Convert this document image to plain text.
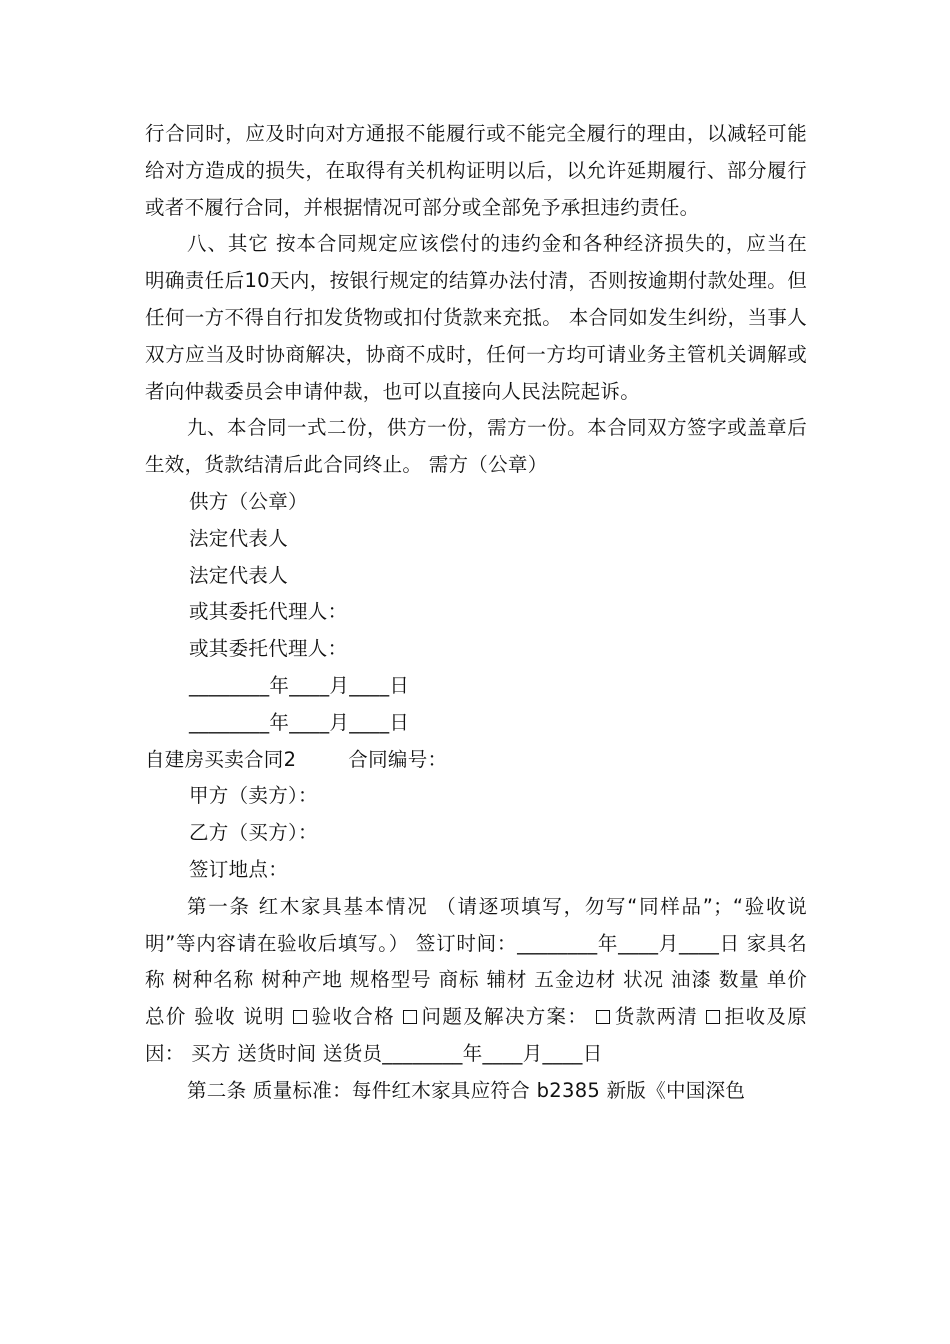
行合同时，应及时向对方通报不能履行或不能完全履行的理由，以减轻可能给对方造成的损失，在取得有关机构证明以后，以允许延期履行、部分履行或者不履行合同，并根据情况可部分或全部免予承担违约责任。

八、其它 按本合同规定应该偿付的违约金和各种经济损失的，应当在明确责任后10天内，按银行规定的结算办法付清，否则按逾期付款处理。但任何一方不得自行扣发货物或扣付货款来充抵。 本合同如发生纠纷，当事人双方应当及时协商解决，协商不成时，任何一方均可请业务主管机关调解或者向仲裁委员会申请仲裁，也可以直接向人民法院起诉。

九、本合同一式二份，供方一份，需方一份。本合同双方签字或盖章后生效，货款结清后此合同终止。 需方（公章）

供方（公章）

法定代表人

法定代表人

或其委托代理人：

或其委托代理人：

________年____月____日

________年____月____日

自建房买卖合同2        合同编号：

甲方（卖方）：

乙方（买方）：

签订地点：

第一条 红木家具基本情况 （请逐项填写，勿写“同样品”；“验收说明”等内容请在验收后填写。） 签订时间：________年____月____日 家具名称 树种名称 树种产地 规格型号 商标 辅材 五金边材 状况 油漆 数量 单价 总价 验收 说明 验收合格 问题及解决方案： 货款两清 拒收及原因： 买方 送货时间 送货员________年____月____日

第二条 质量标准：每件红木家具应符合 b2385 新版《中国深色
